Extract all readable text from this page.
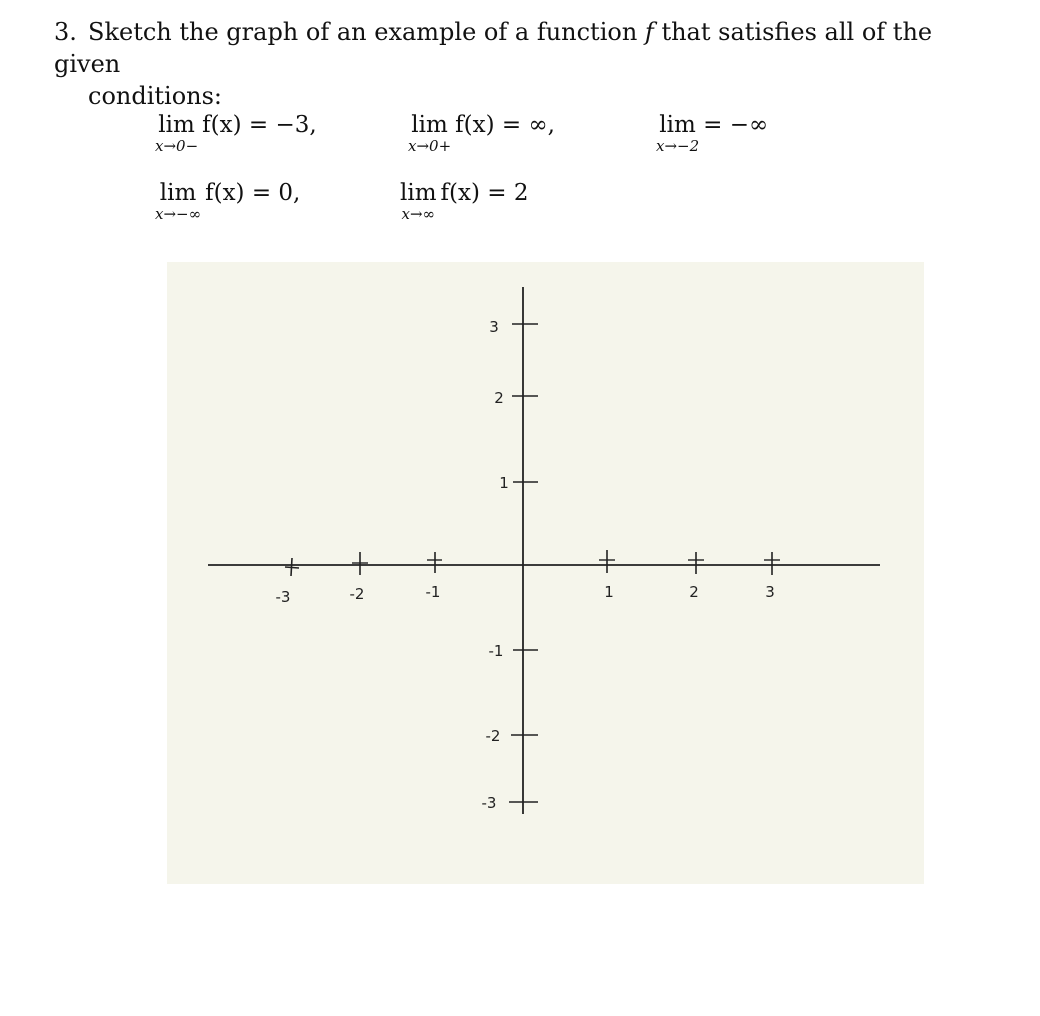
3. Sketch the graph of an example of a function f that satisfies all of the given
conditions:
lim
x→0−
f(x) = −3,	lim
x→0+
f(x) = ∞,	lim
x→−2
= −∞
lim
x→−∞
f(x) = 0,	lim
x→∞
f(x) = 2
-3	-2	-1	1	2	3
3
2
1
-1
-2
-3
